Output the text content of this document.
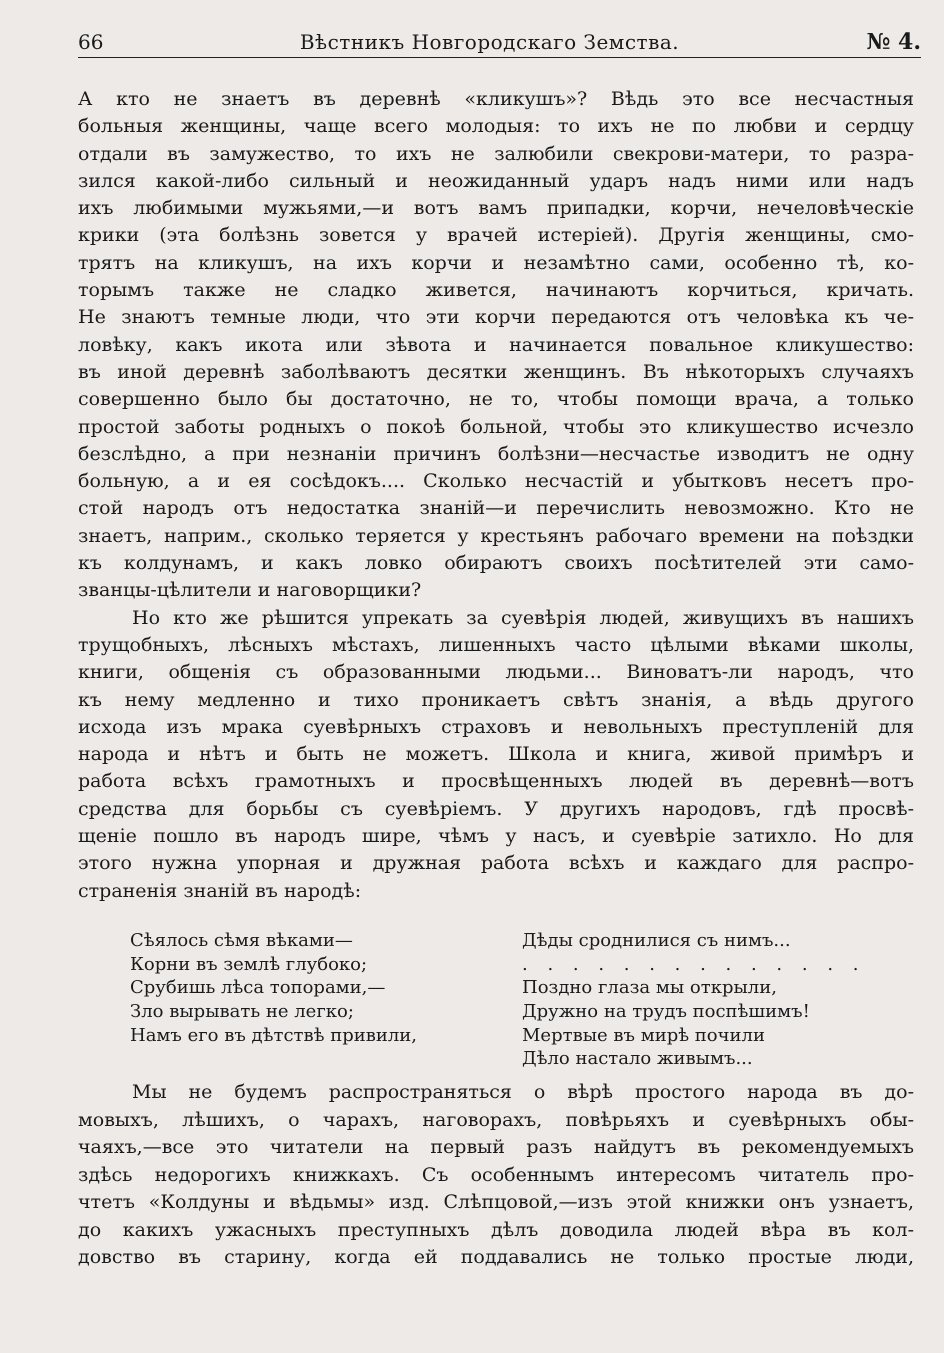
66	Вѣстникъ Новгородскаго Земства.	№ 4.
А кто не знаетъ въ деревнѣ «кликушъ»? Вѣдь это все несчастныя
больныя женщины, чаще всего молодыя: то ихъ не по любви и сердцу
отдали въ замужество, то ихъ не залюбили свекрови-матери, то разра-
зился какой-либо сильный и неожиданный ударъ надъ ними или надъ
ихъ любимыми мужьями,—и вотъ вамъ припадки, корчи, нечеловѣческіе
крики (эта болѣзнь зовется у врачей истеріей). Другія женщины, смо-
трятъ на кликушъ, на ихъ корчи и незамѣтно сами, особенно тѣ, ко-
торымъ также не сладко живется, начинаютъ корчиться, кричать.
Не знаютъ темные люди, что эти корчи передаются отъ человѣка къ че-
ловѣку, какъ икота или зѣвота и начинается повальное кликушество:
въ иной деревнѣ заболѣваютъ десятки женщинъ. Въ нѣкоторыхъ случаяхъ
совершенно было бы достаточно, не то, чтобы помощи врача, а только
простой заботы родныхъ о покоѣ больной, чтобы это кликушество исчезло
безслѣдно, а при незнаніи причинъ болѣзни—несчастье изводитъ не одну
больную, а и ея сосѣдокъ.... Сколько несчастій и убытковъ несетъ про-
стой народъ отъ недостатка знаній—и перечислить невозможно. Кто не
знаетъ, наприм., сколько теряется у крестьянъ рабочаго времени на поѣздки
къ колдунамъ, и какъ ловко обираютъ своихъ посѣтителей эти само-
званцы-цѣлители и наговорщики?
Но кто же рѣшится упрекать за суевѣрія людей, живущихъ въ нашихъ
трущобныхъ, лѣсныхъ мѣстахъ, лишенныхъ часто цѣлыми вѣками школы,
книги, общенія съ образованными людьми... Виноватъ-ли народъ, что
къ нему медленно и тихо проникаетъ свѣтъ знанія, а вѣдь другого
исхода изъ мрака суевѣрныхъ страховъ и невольныхъ преступленій для
народа и нѣтъ и быть не можетъ. Школа и книга, живой примѣръ и
работа всѣхъ грамотныхъ и просвѣщенныхъ людей въ деревнѣ—вотъ
средства для борьбы съ суевѣріемъ. У другихъ народовъ, гдѣ просвѣ-
щеніе пошло въ народъ шире, чѣмъ у насъ, и суевѣріе затихло. Но для
этого нужна упорная и дружная работа всѣхъ и каждаго для распро-
страненія знаній въ народѣ:
Сѣялось сѣмя вѣками—
Корни въ землѣ глубоко;
Срубишь лѣса топорами,—
Зло вырывать не легко;
Намъ его въ дѣтствѣ привили,
Дѣды сроднилися съ нимъ...
. . . . . . . . . . . . . .
Поздно глаза мы открыли,
Дружно на трудъ поспѣшимъ!
Мертвые въ мирѣ почили
Дѣло настало живымъ...
Мы не будемъ распространяться о вѣрѣ простого народа въ до-
мовыхъ, лѣшихъ, о чарахъ, наговорахъ, повѣрьяхъ и суевѣрныхъ обы-
чаяхъ,—все это читатели на первый разъ найдутъ въ рекомендуемыхъ
здѣсь недорогихъ книжкахъ. Съ особеннымъ интересомъ читатель про-
чтетъ «Колдуны и вѣдьмы» изд. Слѣпцовой,—изъ этой книжки онъ узнаетъ,
до какихъ ужасныхъ преступныхъ дѣлъ доводила людей вѣра въ кол-
довство въ старину, когда ей поддавались не только простые люди,
